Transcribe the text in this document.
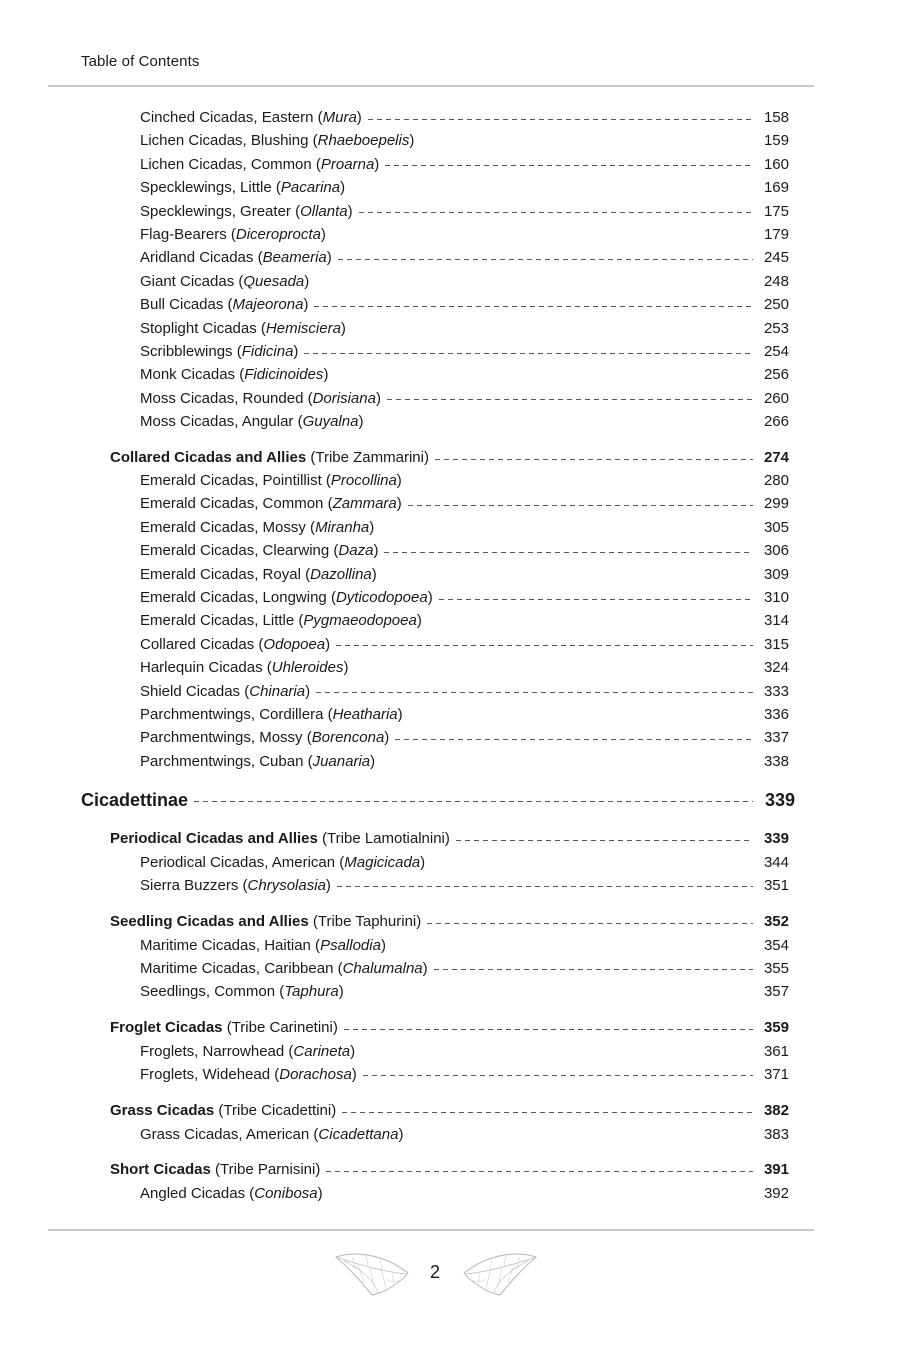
Table of Contents
Cinched Cicadas, Eastern (Mura)	158
Lichen Cicadas, Blushing (Rhaeboepelis)	159
Lichen Cicadas, Common (Proarna)	160
Specklewings, Little (Pacarina)	169
Specklewings, Greater (Ollanta)	175
Flag-Bearers (Diceroprocta)	179
Aridland Cicadas (Beameria)	245
Giant Cicadas (Quesada)	248
Bull Cicadas (Majeorona)	250
Stoplight Cicadas (Hemisciera)	253
Scribblewings (Fidicina)	254
Monk Cicadas (Fidicinoides)	256
Moss Cicadas, Rounded (Dorisiana)	260
Moss Cicadas, Angular (Guyalna)	266
Collared Cicadas and Allies (Tribe Zammarini)	274
Emerald Cicadas, Pointillist (Procollina)	280
Emerald Cicadas, Common (Zammara)	299
Emerald Cicadas, Mossy (Miranha)	305
Emerald Cicadas, Clearwing (Daza)	306
Emerald Cicadas, Royal (Dazollina)	309
Emerald Cicadas, Longwing (Dyticodopoea)	310
Emerald Cicadas, Little (Pygmaeodopoea)	314
Collared Cicadas (Odopoea)	315
Harlequin Cicadas (Uhleroides)	324
Shield Cicadas (Chinaria)	333
Parchmentwings, Cordillera (Heatharia)	336
Parchmentwings, Mossy (Borencona)	337
Parchmentwings, Cuban (Juanaria)	338
Cicadettinae	339
Periodical Cicadas and Allies (Tribe Lamotialnini)	339
Periodical Cicadas, American (Magicicada)	344
Sierra Buzzers (Chrysolasia)	351
Seedling Cicadas and Allies (Tribe Taphurini)	352
Maritime Cicadas, Haitian (Psallodia)	354
Maritime Cicadas, Caribbean (Chalumalna)	355
Seedlings, Common (Taphura)	357
Froglet Cicadas (Tribe Carinetini)	359
Froglets, Narrowhead (Carineta)	361
Froglets, Widehead (Dorachosa)	371
Grass Cicadas (Tribe Cicadettini)	382
Grass Cicadas, American (Cicadettana)	383
Short Cicadas (Tribe Parnisini)	391
Angled Cicadas (Conibosa)	392
2
